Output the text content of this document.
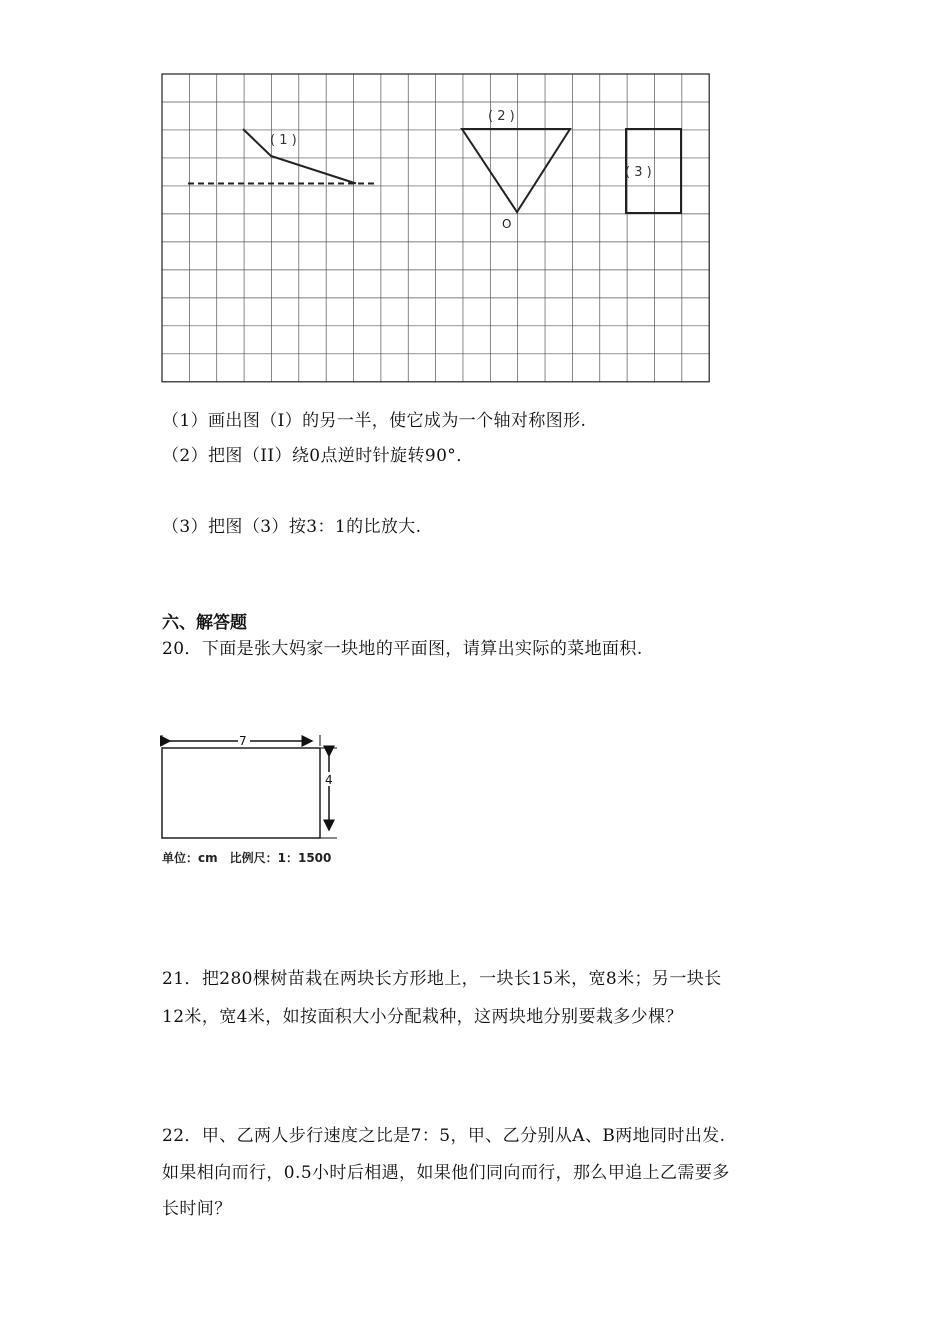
( 1 )
( 2 )
O
( 3 )
（1）画出图（I）的另一半，使它成为一个轴对称图形.
（2）把图（II）绕0点逆时针旋转90°．
（3）把图（3）按3：1的比放大.
六、解答题
20．下面是张大妈家一块地的平面图，请算出实际的菜地面积.
7
4
单位：cm　比例尺：1：1500
21．把280棵树苗栽在两块长方形地上，一块长15米，宽8米；另一块长
12米，宽4米，如按面积大小分配栽种，这两块地分别要栽多少棵？
22．甲、乙两人步行速度之比是7：5，甲、乙分别从A、B两地同时出发.
如果相向而行，0.5小时后相遇，如果他们同向而行，那么甲追上乙需要多
长时间？
